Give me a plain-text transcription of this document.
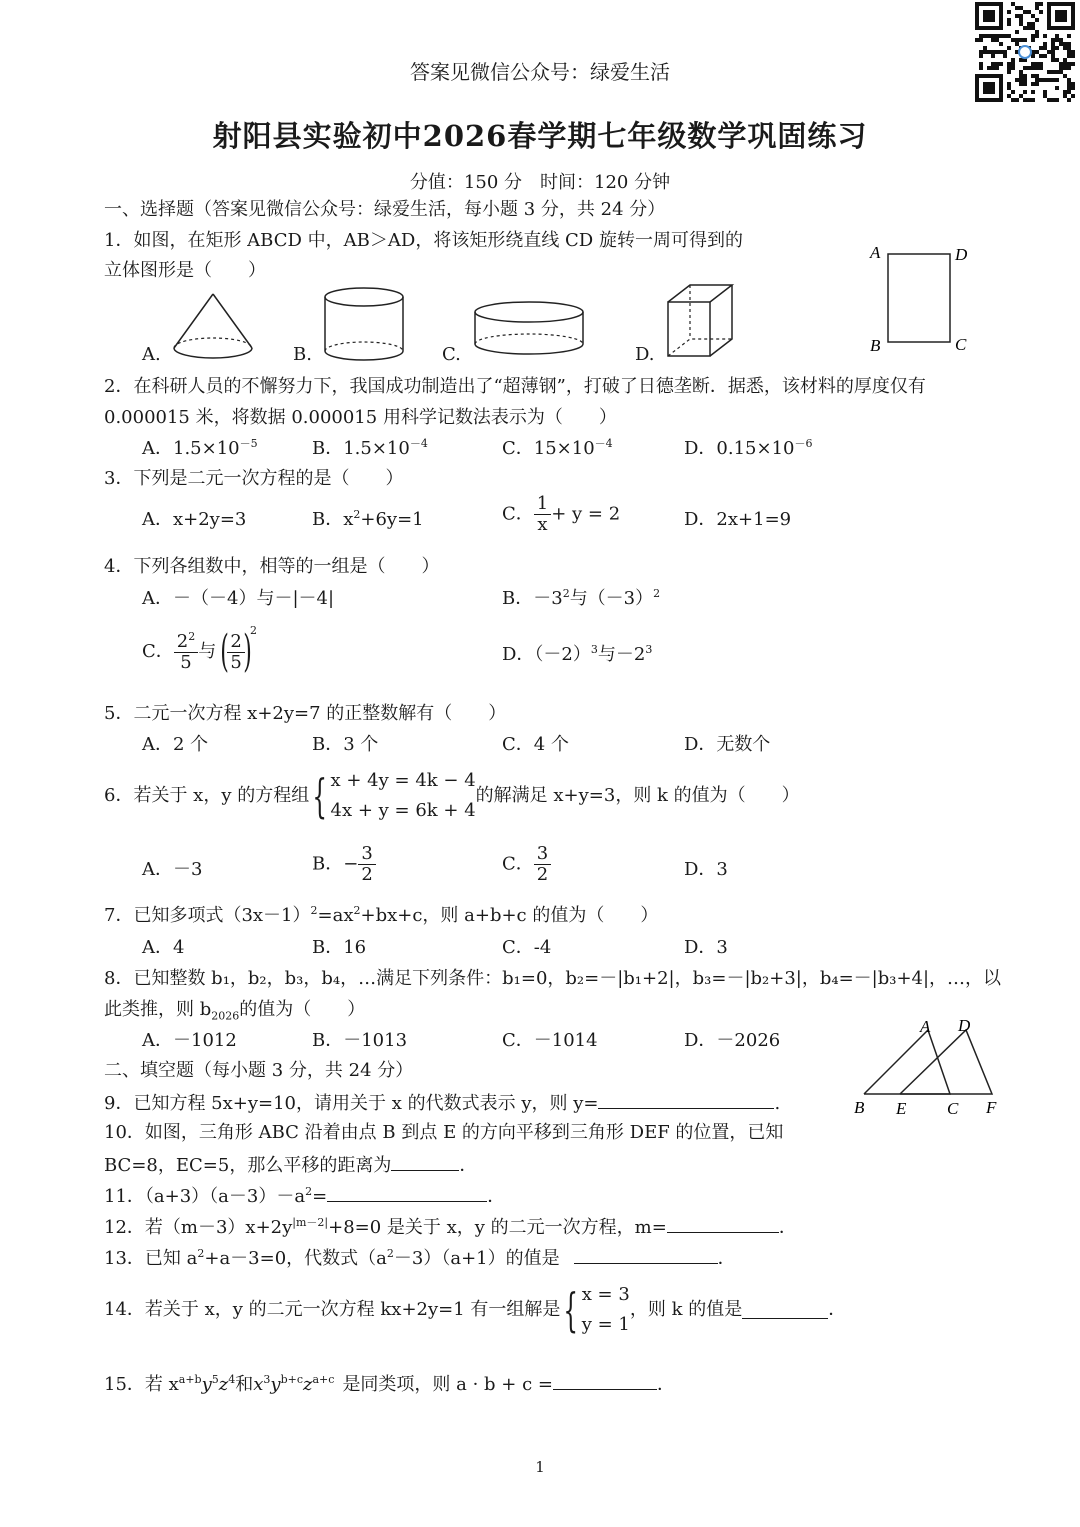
答案见微信公众号：绿爱生活
射阳县实验初中2026春学期七年级数学巩固练习
分值：150 分　时间：120 分钟
一、选择题（答案见微信公众号：绿爱生活，每小题 3 分，共 24 分）
1．如图，在矩形 ABCD 中，AB＞AD，将该矩形绕直线 CD 旋转一周可得到的
立体图形是（　　）
A.	B.	C.	D.
A	D
B	C
2．在科研人员的不懈努力下，我国成功制造出了“超薄钢”，打破了日德垄断．据悉，该材料的厚度仅有
0.000015 米，将数据 0.000015 用科学记数法表示为（　　）
A．$1.5\times 10^{-5}$	B．$1.5\times 10^{-4}$	C．$15\times 10^{-4}$	D．$0.15\times 10^{-6}$
3．下列是二元一次方程的是（　　）
A．x+2y=3	B．$x^2+6y=1$	C． $\frac{1}{x} + y = 2$	D．2x+1=9
4．下列各组数中，相等的一组是（　　）
A．－（－4）与－|－4|	B．$-3^2$与$(-3)^2$
C． $\frac{2^2}{5}$ 与(
$\frac{2}{5}$
)$^2$
D．$(-2)^3$与$-2^3$
5．二元一次方程 x+2y=7 的正整数解有（　　）
A．2 个	B．3 个	C．4 个	D．无数个
6．若关于 x，y 的方程组{ x + 4y = 4k − 4
4x + y = 6k + 4
的解满足 x+y=3，则 k 的值为（　　）
A．－3	B．− $\frac{3}{2}$	C． $\frac{3}{2}$	D．3
7．已知多项式$(3x-1)^2=ax^2+bx+c$，则 a+b+c 的值为（　　）
A．4	B．16	C．-4	D．3
8．已知整数 b₁，b₂，b₃，b₄，…满足下列条件：b₁=0，b₂=－|b₁+2|，b₃=－|b₂+3|，b₄=－|b₃+4|，…，以
此类推，则 $b_{2026}$的值为（　　）
A．－1012	B．－1013	C．－1014	D．－2026
A D
B E C F
二、填空题（每小题 3 分，共 24 分）
9．已知方程 5x+y=10，请用关于 x 的代数式表示 y，则 y=	.
10．如图，三角形 ABC 沿着由点 B 到点 E 的方向平移到三角形 DEF 的位置，已知
BC=8，EC=5，那么平移的距离为	．
11．$(a+3)(a-3)-a^2=$	．
12．若$(m-3)x+2y^{|m-2|}+8=0$ 是关于 x，y 的二元一次方程，m=	．
13．已知 $a^2+a-3=0$，代数式$(a^2-3)(a+1)$的值是	．
14．若关于 x，y 的二元一次方程 kx+2y=1 有一组解是{ x = 3
y = 1
，则 k 的值是	．
15．若 $x^{a+b}y^5z^4$和$x^3y^{b+c}z^{a+c}$ 是同类项，则 a · b + c =	．
1
